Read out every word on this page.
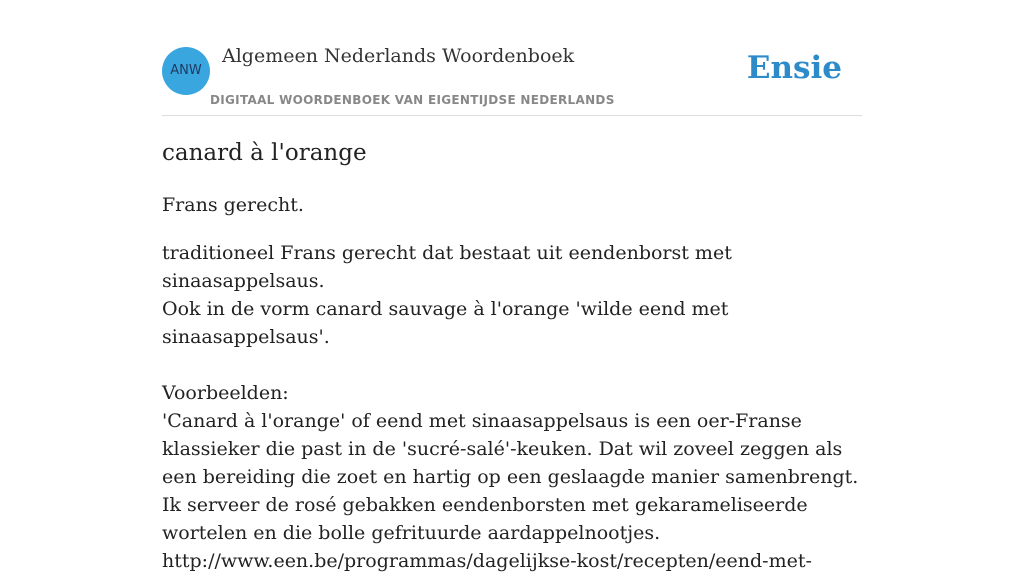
ANW
Algemeen Nederlands Woordenboek
DIGITAAL WOORDENBOEK VAN EIGENTIJDSE NEDERLANDS
Ensie
canard à l'orange
Frans gerecht.

traditioneel Frans gerecht dat bestaat uit eendenborst met sinaasappelsaus.

Ook in de vorm canard sauvage à l'orange 'wilde eend met sinaasappelsaus'.

Voorbeelden:

'Canard à l'orange' of eend met sinaasappelsaus is een oer-Franse klassieker die past in de 'sucré-salé'-keuken. Dat wil zoveel zeggen als een bereiding die zoet en hartig op een geslaagde manier samenbrengt. Ik serveer de rosé gebakken eendenborsten met gekarameliseerde wortelen en die bolle gefrituurde aardappelnootjes.

http://www.een.be/programmas/dagelijkse-kost/recepten/eend-met-
